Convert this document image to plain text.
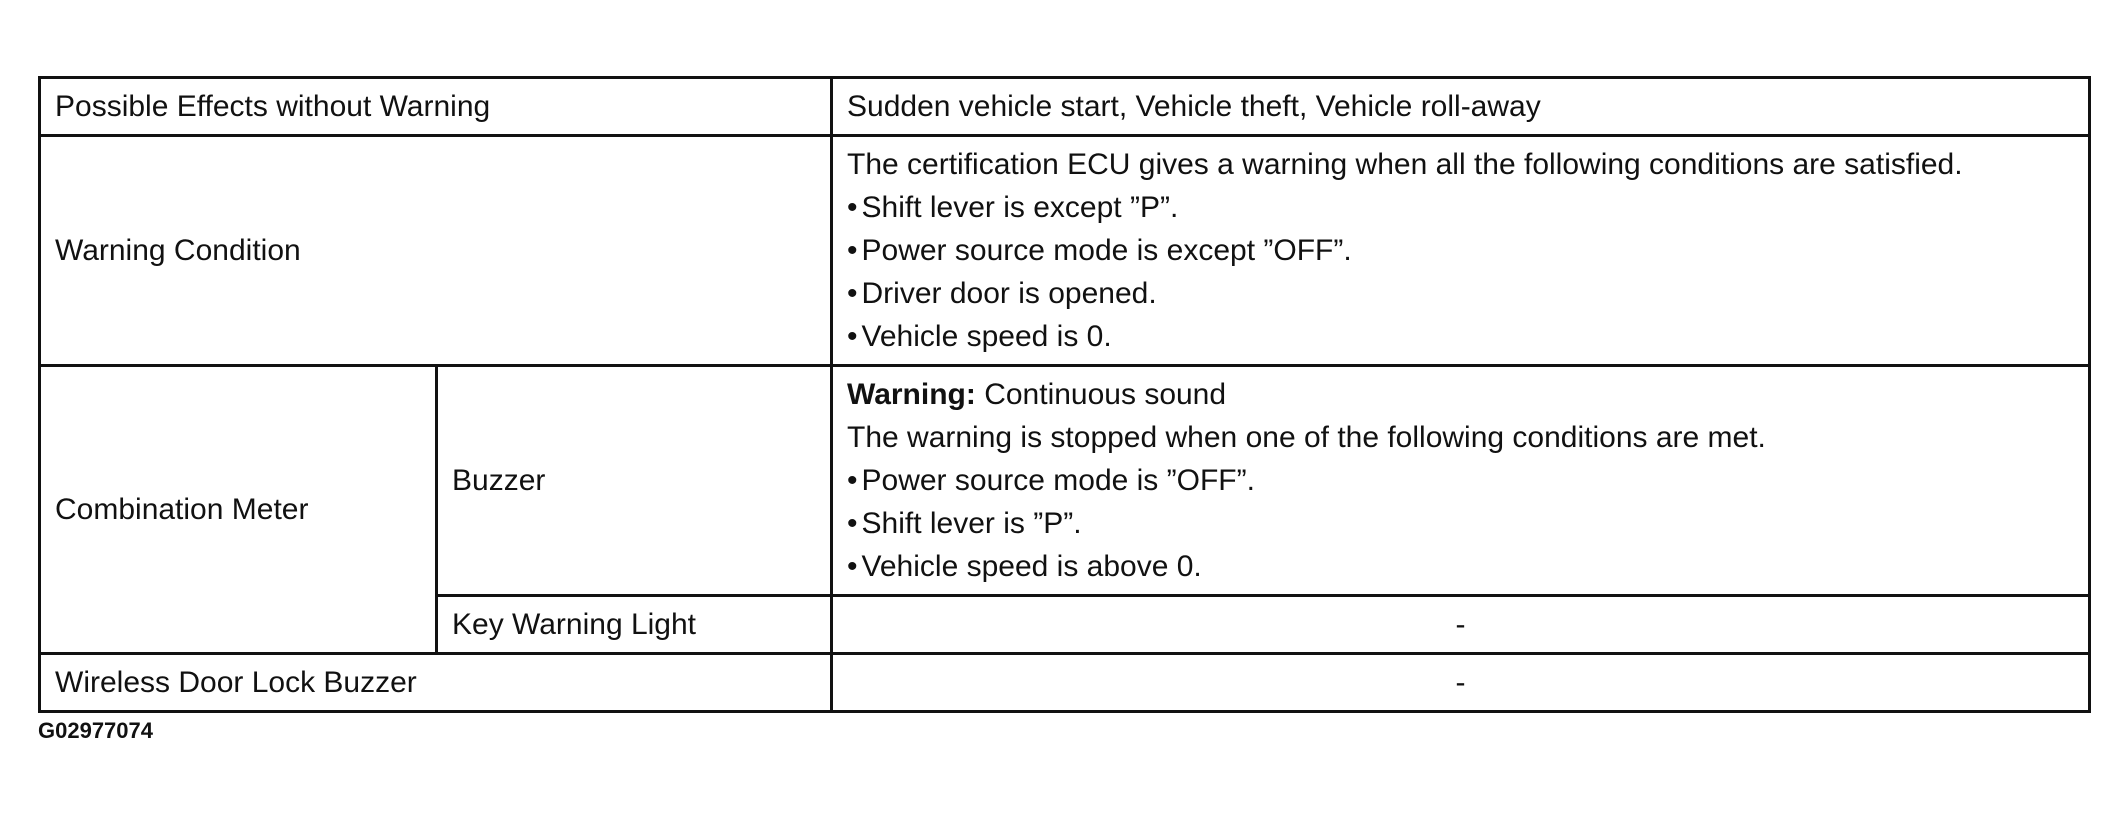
Possible Effects without Warning		Sudden vehicle start, Vehicle theft, Vehicle roll-away
Warning Condition		The certification ECU gives a warning when all the following conditions are satisfied.
• Shift lever is except ”P”.
• Power source mode is except ”OFF”.
• Driver door is opened.
• Vehicle speed is 0.

Combination Meter	Buzzer	Warning: Continuous sound
The warning is stopped when one of the following conditions are met.
• Power source mode is ”OFF”.
• Shift lever is ”P”.
• Vehicle speed is above 0.

	Key Warning Light	-
Wireless Door Lock Buzzer		-
G02977074
